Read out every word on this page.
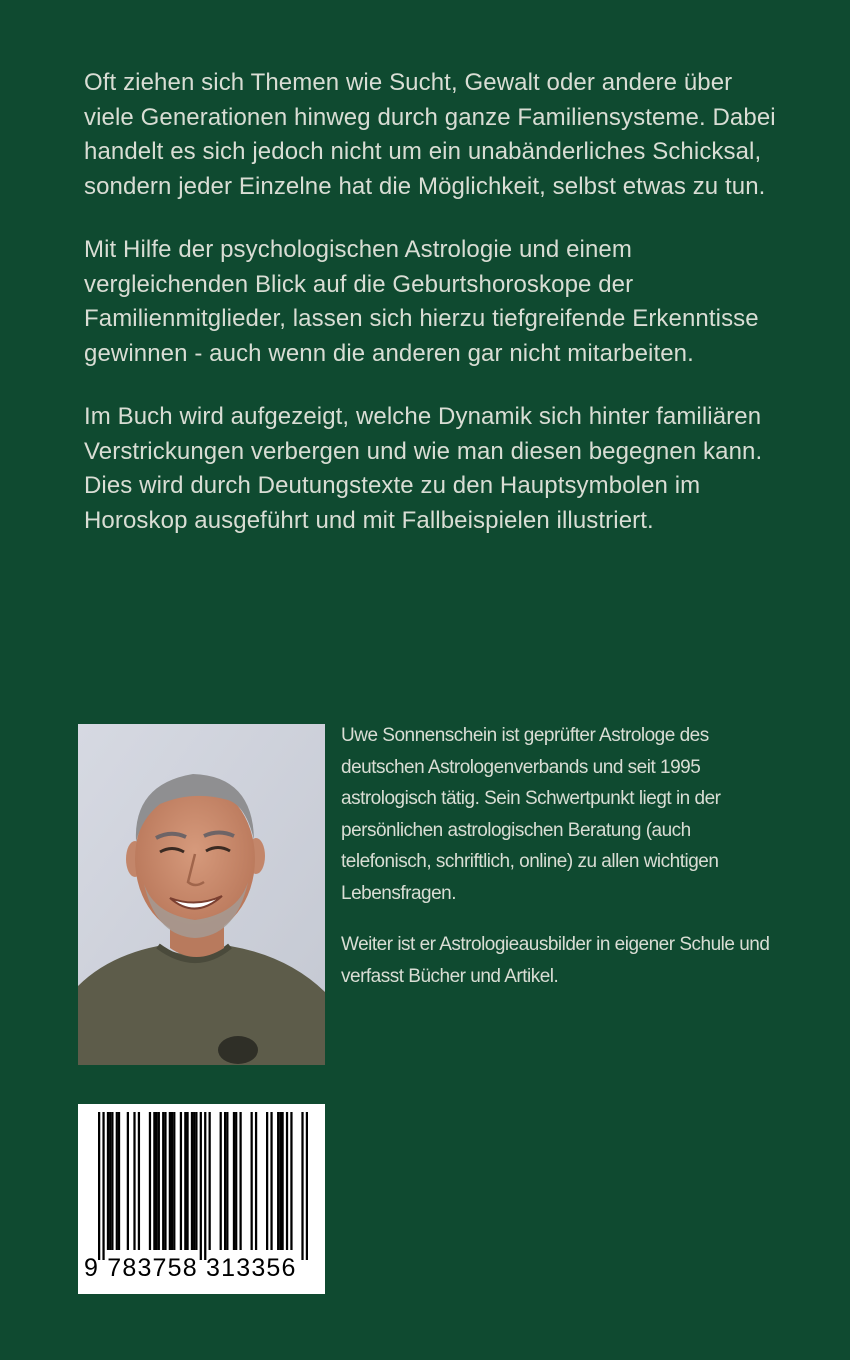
Oft ziehen sich Themen wie Sucht, Gewalt oder andere über viele Generationen hinweg durch ganze Familiensysteme. Dabei handelt es sich jedoch nicht um ein unabänderliches Schicksal, sondern jeder Einzelne hat die Möglichkeit, selbst etwas zu tun.

Mit Hilfe der psychologischen Astrologie und einem vergleichenden Blick auf die Geburtshoroskope der Familienmitglieder, lassen sich hierzu tiefgreifende Erkenntisse gewinnen - auch wenn die anderen gar nicht mitarbeiten.

Im Buch wird aufgezeigt, welche Dynamik sich hinter familiären Verstrickungen verbergen und wie man diesen begegnen kann. Dies wird durch Deutungstexte zu den Hauptsymbolen im Horoskop ausgeführt und mit Fallbeispielen illustriert.

Uwe Sonnenschein ist geprüfter Astrologe des deutschen Astrologenverbands und seit 1995 astrologisch tätig. Sein Schwertpunkt liegt in der persönlichen astrologischen Beratung (auch telefonisch, schriftlich, online) zu allen wichtigen Lebensfragen.

Weiter ist er Astrologieausbilder in eigener Schule und verfasst Bücher und Artikel.

9 783758 313356
